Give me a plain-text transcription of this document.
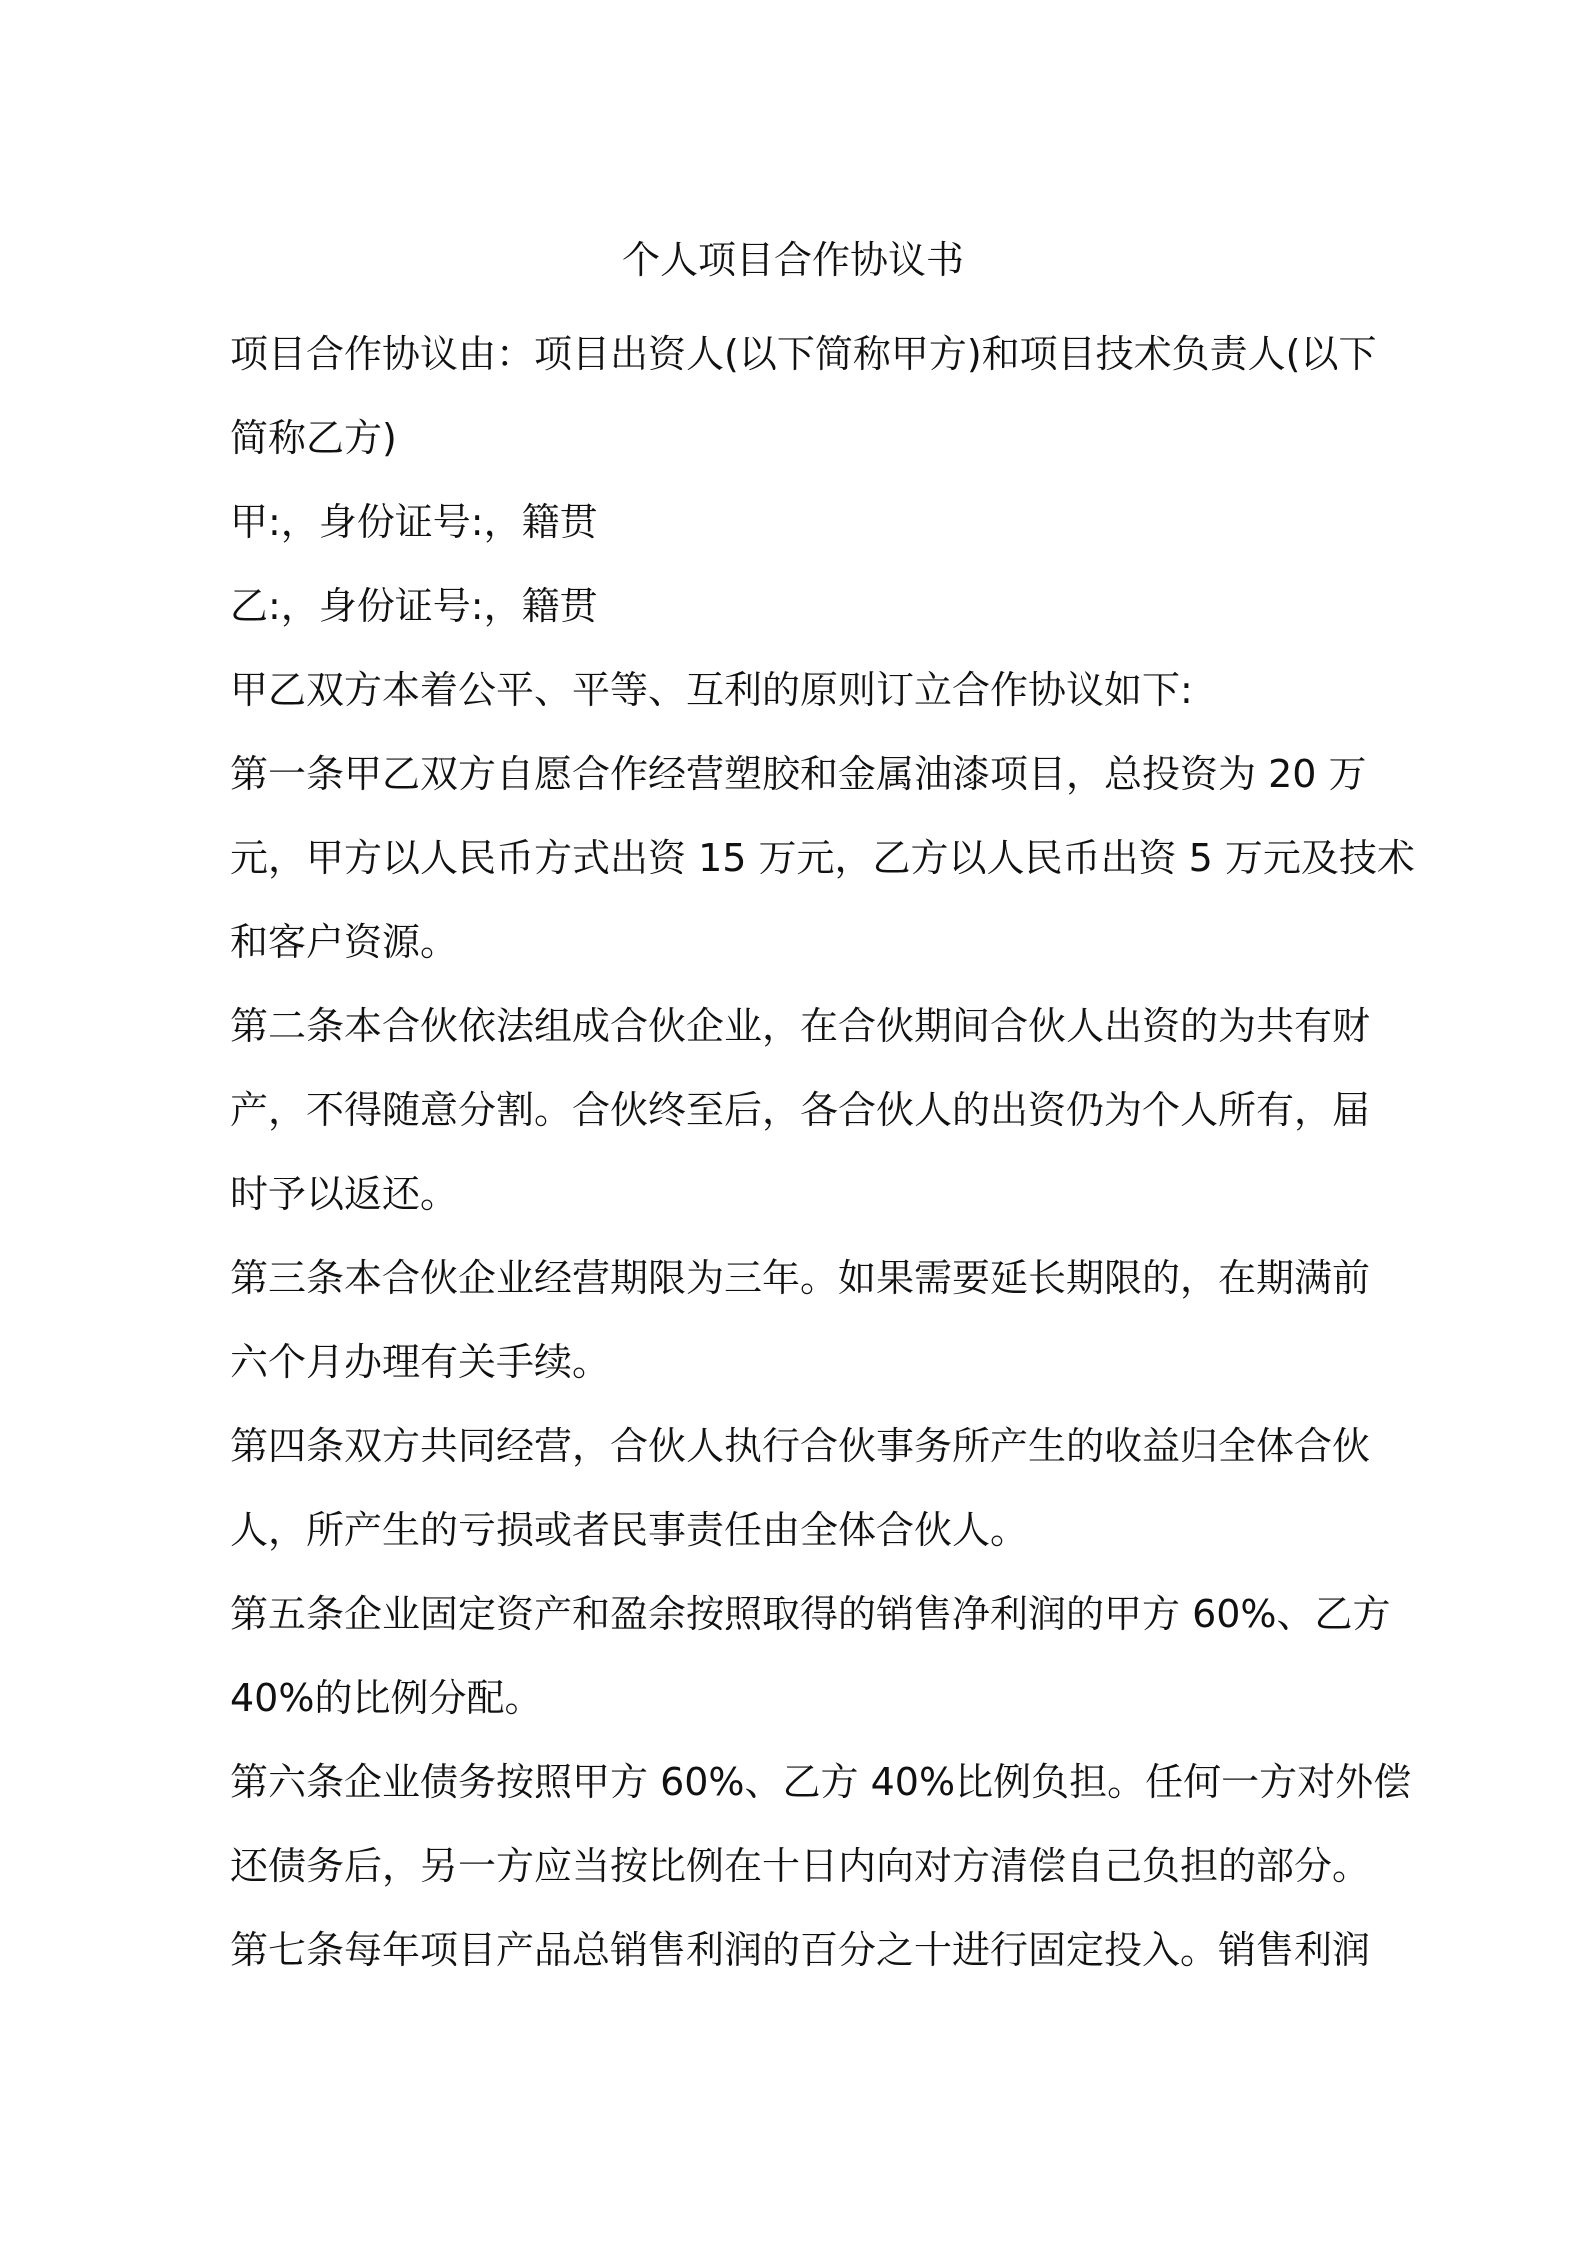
个人项目合作协议书

项目合作协议由：项目出资人(以下简称甲方)和项目技术负责人(以下
简称乙方)

甲:，身份证号:，籍贯

乙:，身份证号:，籍贯

甲乙双方本着公平、平等、互利的原则订立合作协议如下:

第一条甲乙双方自愿合作经营塑胶和金属油漆项目，总投资为 20 万
元，甲方以人民币方式出资 15 万元，乙方以人民币出资 5 万元及技术
和客户资源。

第二条本合伙依法组成合伙企业，在合伙期间合伙人出资的为共有财
产，不得随意分割。合伙终至后，各合伙人的出资仍为个人所有，届
时予以返还。

第三条本合伙企业经营期限为三年。如果需要延长期限的，在期满前
六个月办理有关手续。

第四条双方共同经营，合伙人执行合伙事务所产生的收益归全体合伙
人，所产生的亏损或者民事责任由全体合伙人。

第五条企业固定资产和盈余按照取得的销售净利润的甲方 60%、乙方
40%的比例分配。

第六条企业债务按照甲方 60%、乙方 40%比例负担。任何一方对外偿
还债务后，另一方应当按比例在十日内向对方清偿自己负担的部分。

第七条每年项目产品总销售利润的百分之十进行固定投入。销售利润
